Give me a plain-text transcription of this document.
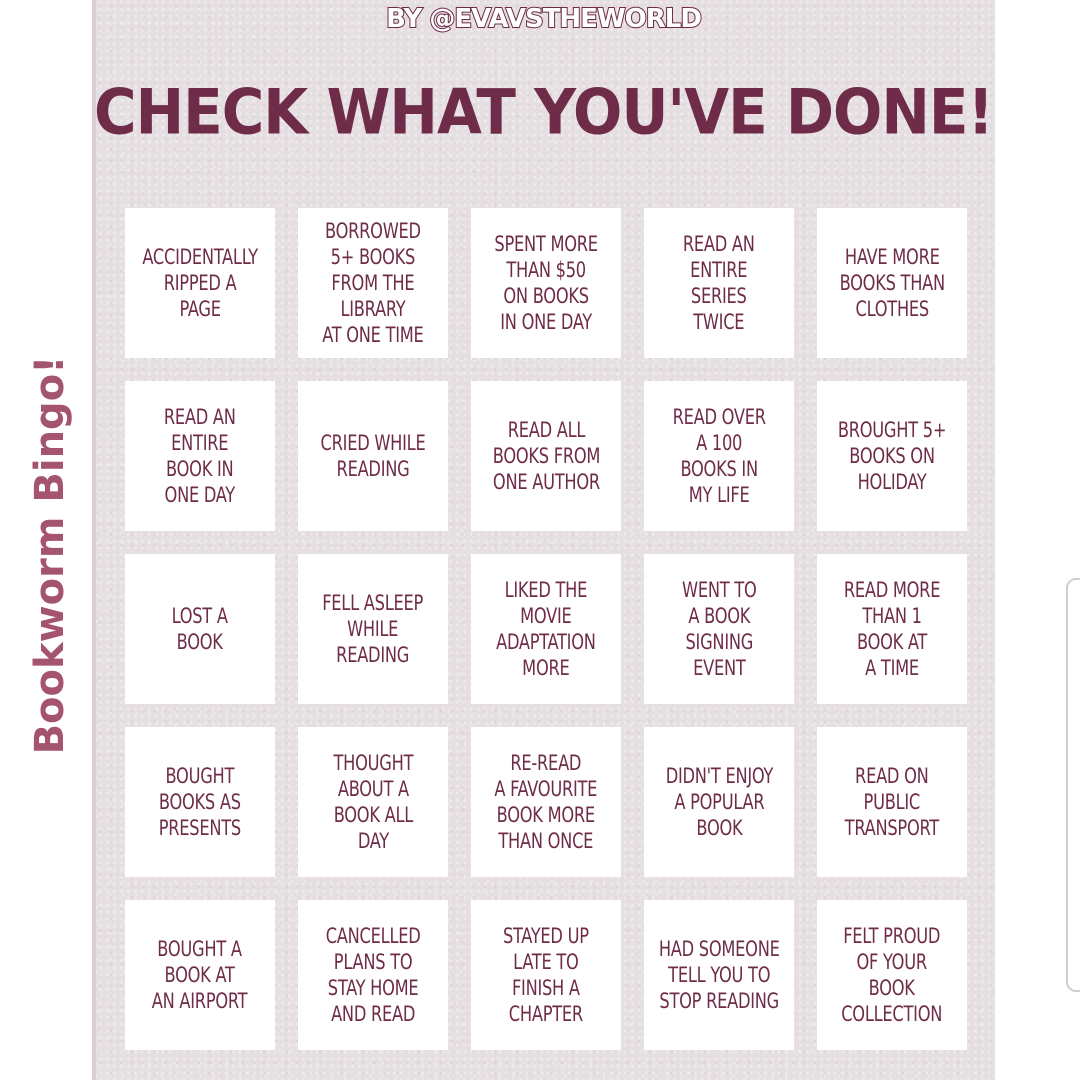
Bookworm Bingo!
BY @EVAVSTHEWORLD
CHECK WHAT YOU'VE DONE!
ACCIDENTALLY
RIPPED A
PAGE
BORROWED
5+ BOOKS
FROM THE
LIBRARY
AT ONE TIME
SPENT MORE
THAN $50
ON BOOKS
IN ONE DAY
READ AN
ENTIRE
SERIES
TWICE
HAVE MORE
BOOKS THAN
CLOTHES
READ AN
ENTIRE
BOOK IN
ONE DAY
CRIED WHILE
READING
READ ALL
BOOKS FROM
ONE AUTHOR
READ OVER
A 100
BOOKS IN
MY LIFE
BROUGHT 5+
BOOKS ON
HOLIDAY
LOST A
BOOK
FELL ASLEEP
WHILE
READING
LIKED THE
MOVIE
ADAPTATION
MORE
WENT TO
A BOOK
SIGNING
EVENT
READ MORE
THAN 1
BOOK AT
A TIME
BOUGHT
BOOKS AS
PRESENTS
THOUGHT
ABOUT A
BOOK ALL
DAY
RE-READ
A FAVOURITE
BOOK MORE
THAN ONCE
DIDN'T ENJOY
A POPULAR
BOOK
READ ON
PUBLIC
TRANSPORT
BOUGHT A
BOOK AT
AN AIRPORT
CANCELLED
PLANS TO
STAY HOME
AND READ
STAYED UP
LATE TO
FINISH A
CHAPTER
HAD SOMEONE
TELL YOU TO
STOP READING
FELT PROUD
OF YOUR
BOOK
COLLECTION
